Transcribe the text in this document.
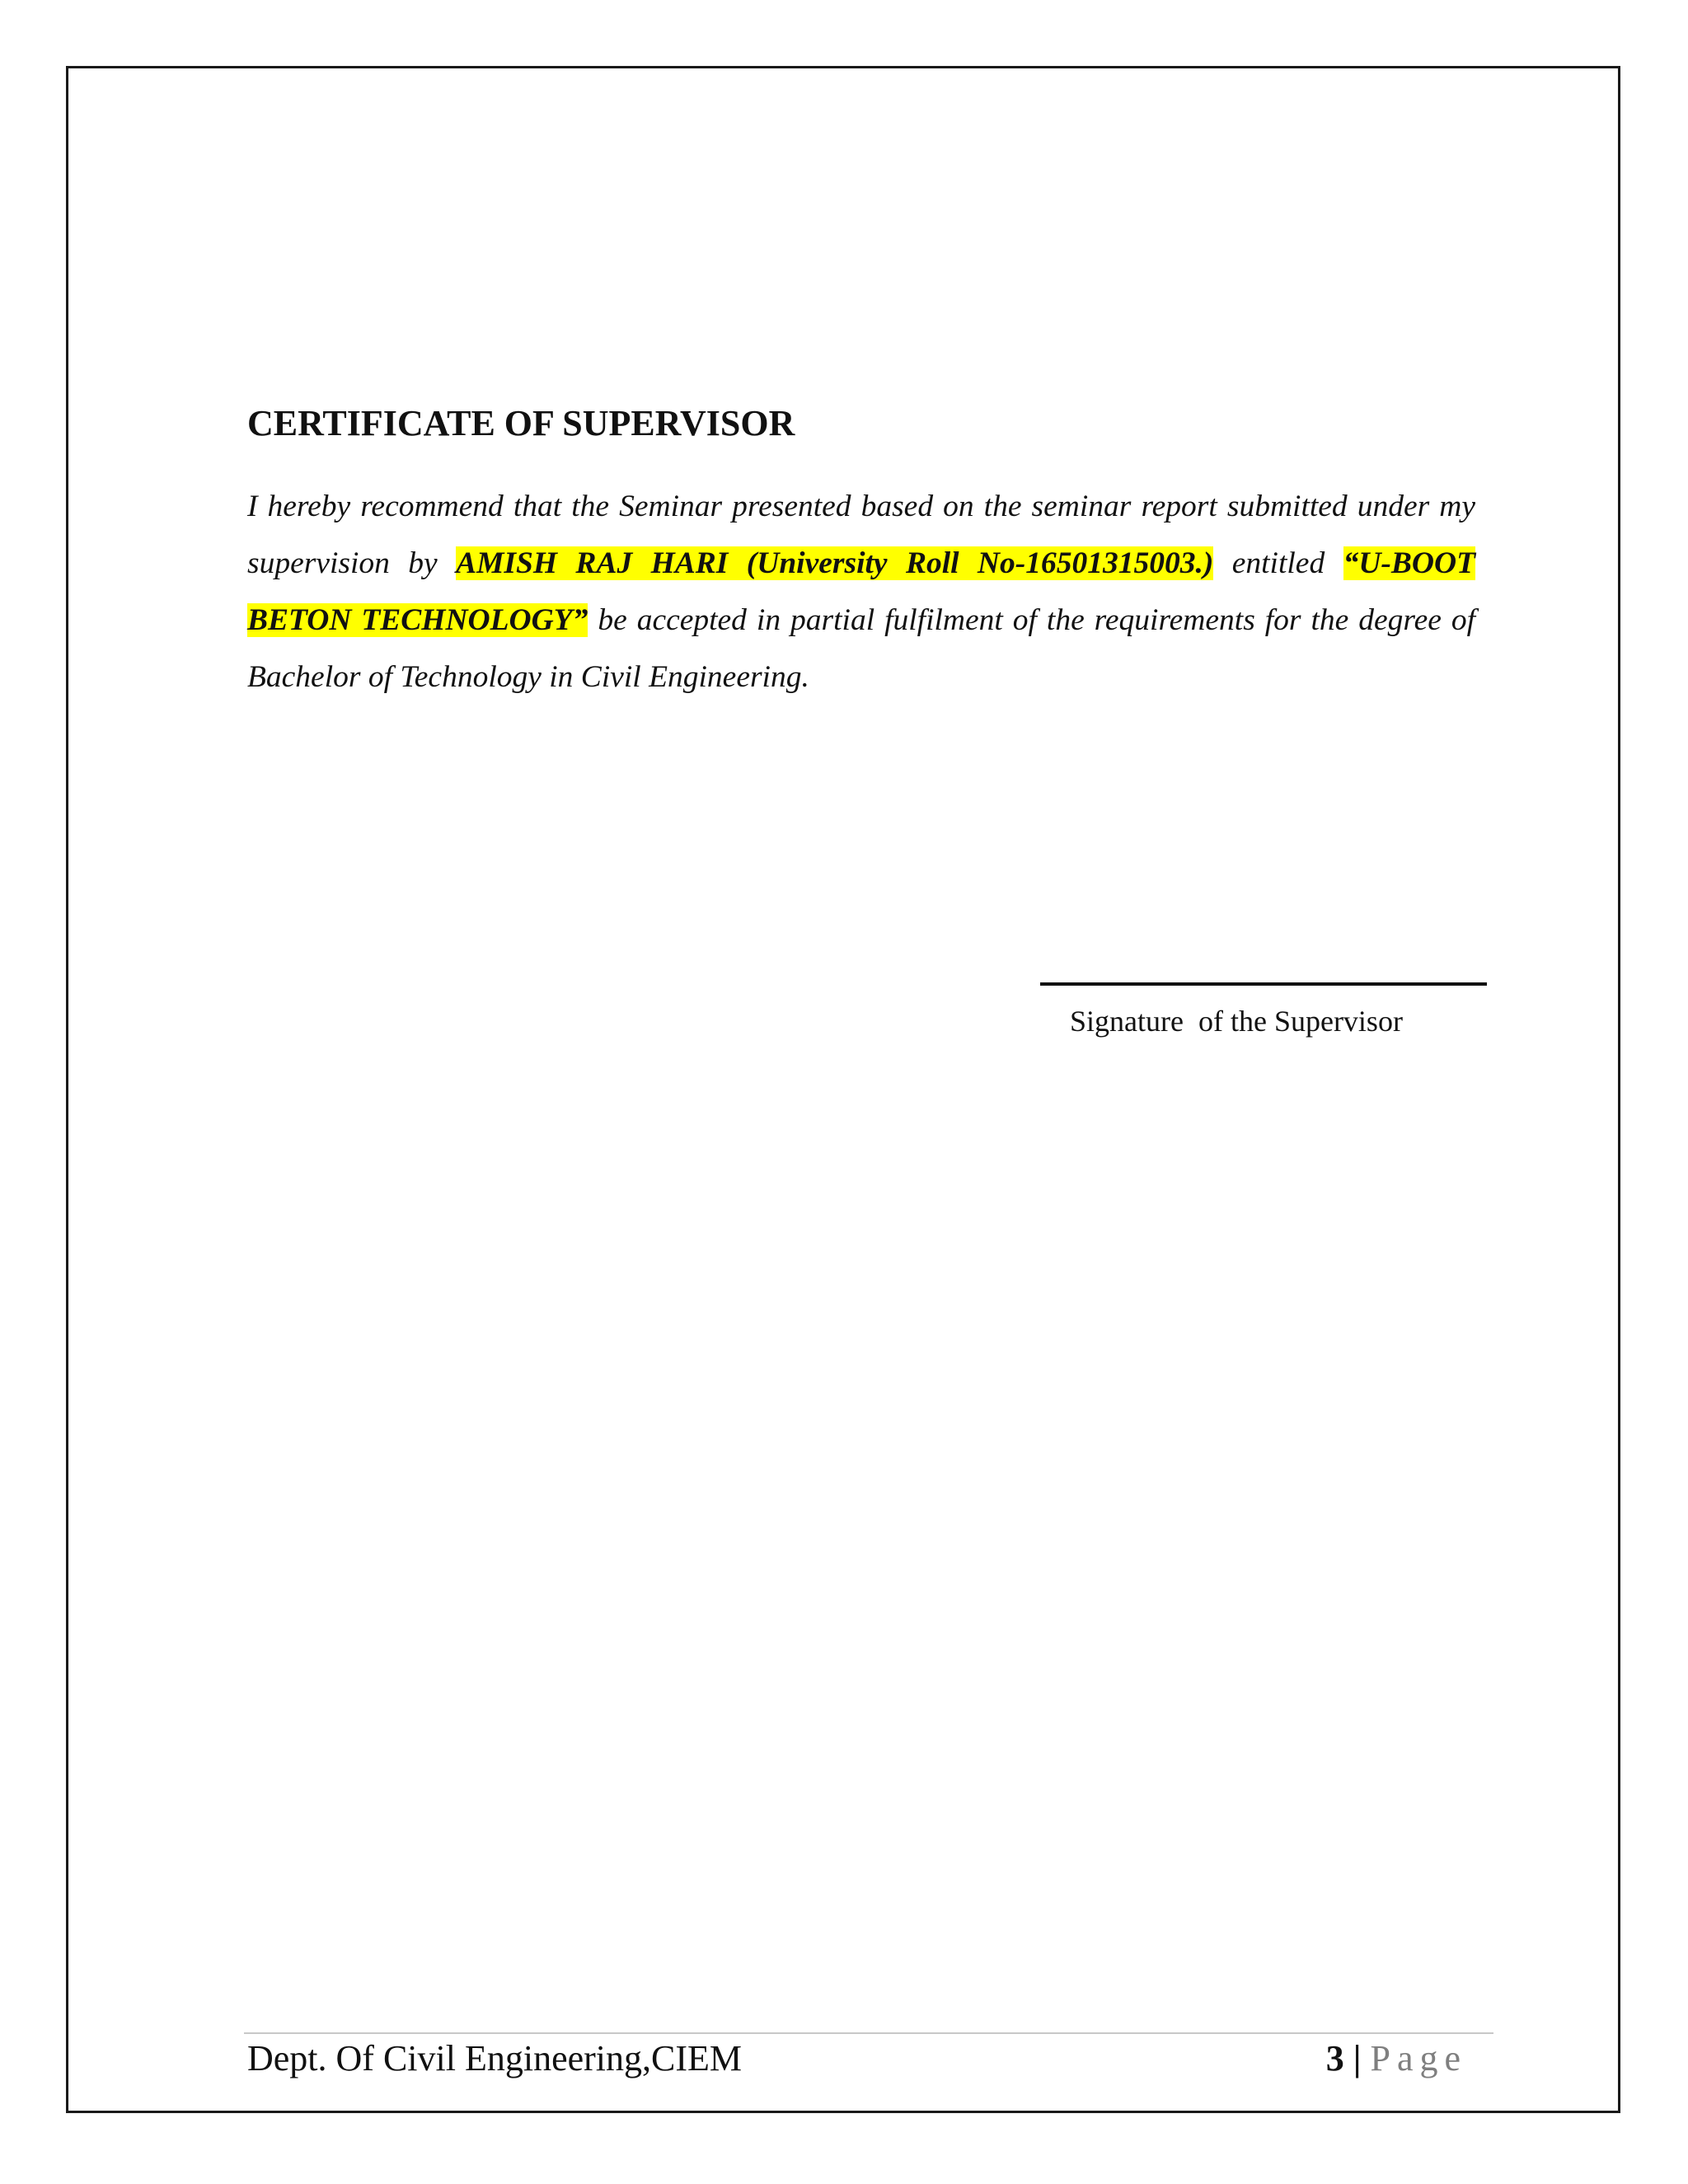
CERTIFICATE OF SUPERVISOR

I hereby recommend that the Seminar presented based on the seminar report submitted under my supervision by AMISH RAJ HARI (University Roll No-16501315003.) entitled “U-BOOT BETON TECHNOLOGY” be accepted in partial fulfilment of the requirements for the degree of Bachelor of Technology in Civil Engineering.

Signature  of the Supervisor
Dept. Of Civil Engineering,CIEM	3 | Page
